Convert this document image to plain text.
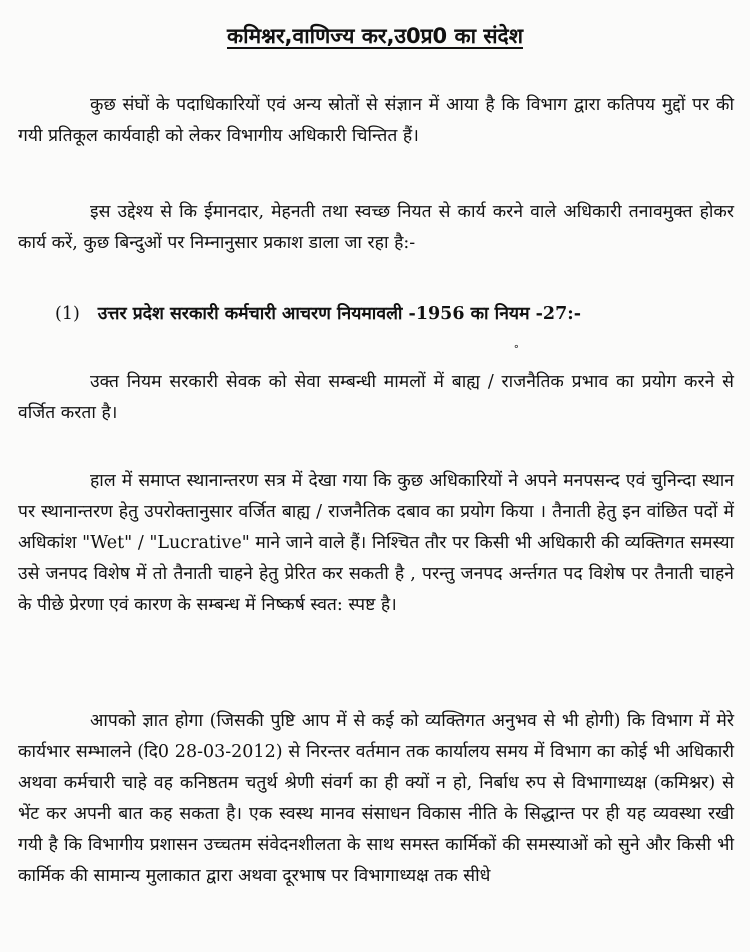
कमिश्नर,वाणिज्य कर,उ0प्र0 का संदेश

कुछ संघों के पदाधिकारियों एवं अन्य स्रोतों से संज्ञान में आया है कि विभाग द्वारा कतिपय मुद्दों पर की गयी प्रतिकूल कार्यवाही को लेकर विभागीय अधिकारी चिन्तित हैं।

इस उद्देश्य से कि ईमानदार, मेहनती तथा स्वच्छ नियत से कार्य करने वाले अधिकारी तनावमुक्त होकर कार्य करें, कुछ बिन्दुओं पर निम्नानुसार प्रकाश डाला जा रहा है:-

(1) उत्तर प्रदेश सरकारी कर्मचारी आचरण नियमावली -1956 का नियम -27:-
॰

उक्त नियम सरकारी सेवक को सेवा सम्बन्धी मामलों में बाह्य / राजनैतिक प्रभाव का प्रयोग करने से वर्जित करता है।

हाल में समाप्त स्थानान्तरण सत्र में देखा गया कि कुछ अधिकारियों ने अपने मनपसन्द एवं चुनिन्दा स्थान पर स्थानान्तरण हेतु उपरोक्तानुसार वर्जित बाह्य / राजनैतिक दबाव का प्रयोग किया । तैनाती हेतु इन वांछित पदों में अधिकांश "Wet" / "Lucrative" माने जाने वाले हैं। निश्चित तौर पर किसी भी अधिकारी की व्यक्तिगत समस्या उसे जनपद विशेष में तो तैनाती चाहने हेतु प्रेरित कर सकती है , परन्तु जनपद अर्न्तगत पद विशेष पर तैनाती चाहने के पीछे प्रेरणा एवं कारण के सम्बन्ध में निष्कर्ष स्वत: स्पष्ट है।

आपको ज्ञात होगा (जिसकी पुष्टि आप में से कई को व्यक्तिगत अनुभव से भी होगी) कि विभाग में मेरे कार्यभार सम्भालने (दि0 28-03-2012) से निरन्तर वर्तमान तक कार्यालय समय में विभाग का कोई भी अधिकारी अथवा कर्मचारी चाहे वह कनिष्ठतम चतुर्थ श्रेणी संवर्ग का ही क्यों न हो, निर्बाध रुप से विभागाध्यक्ष (कमिश्नर) से भेंट कर अपनी बात कह सकता है। एक स्वस्थ मानव संसाधन विकास नीति के सिद्धान्त पर ही यह व्यवस्था रखी गयी है कि विभागीय प्रशासन उच्चतम संवेदनशीलता के साथ समस्त कार्मिकों की समस्याओं को सुने और किसी भी कार्मिक की सामान्य मुलाकात द्वारा अथवा दूरभाष पर विभागाध्यक्ष तक सीधे
